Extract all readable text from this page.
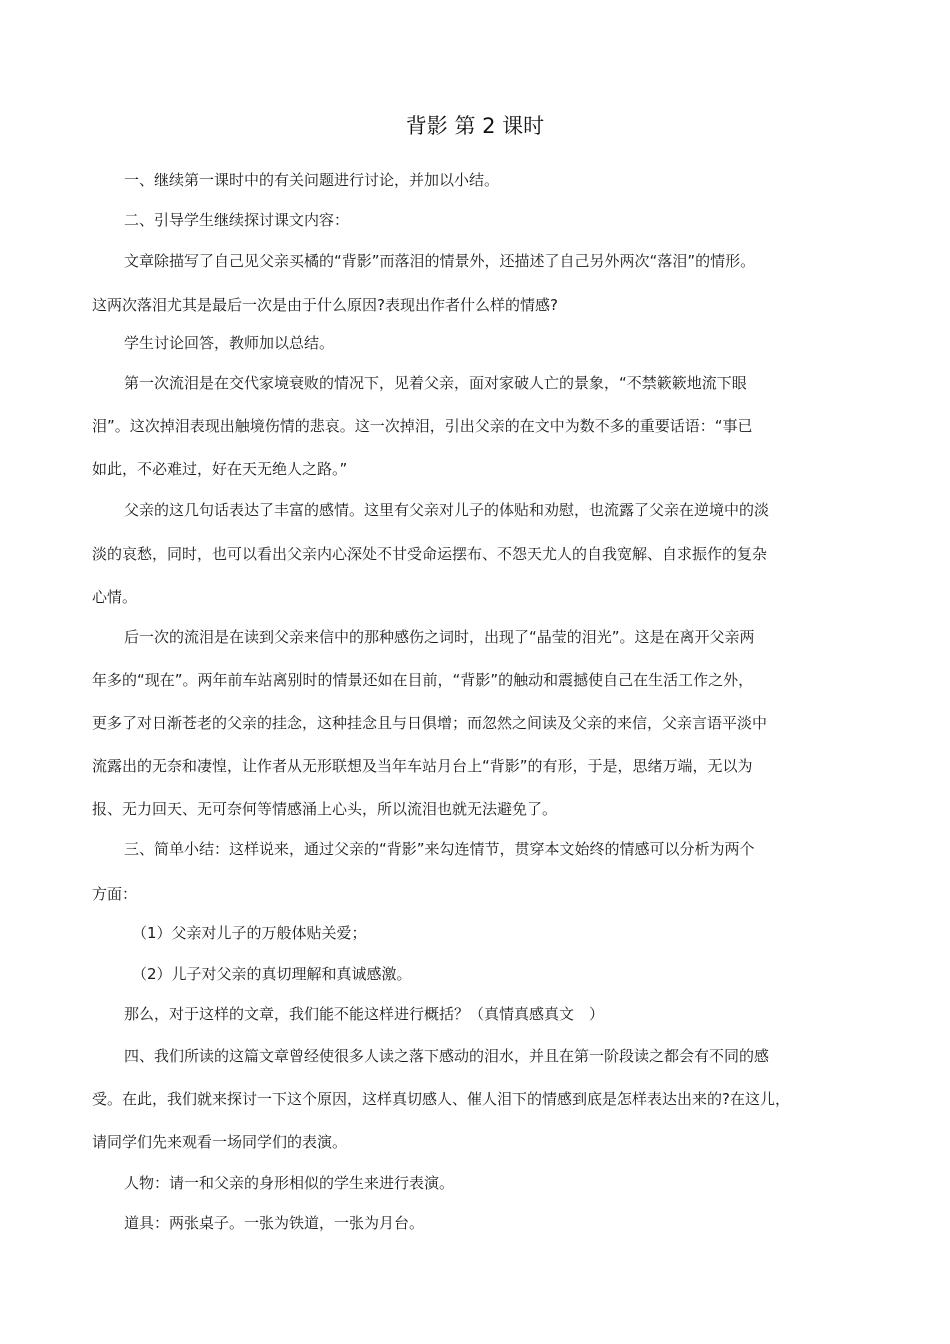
背影 第 2 课时
一、继续第一课时中的有关问题进行讨论，并加以小结。
二、引导学生继续探讨课文内容：
文章除描写了自己见父亲买橘的“背影”而落泪的情景外，还描述了自己另外两次“落泪”的情形。
这两次落泪尤其是最后一次是由于什么原因?表现出作者什么样的情感?
学生讨论回答，教师加以总结。
第一次流泪是在交代家境衰败的情况下，见着父亲，面对家破人亡的景象，“不禁簌簌地流下眼
泪”。这次掉泪表现出触境伤情的悲哀。这一次掉泪，引出父亲的在文中为数不多的重要话语：“事已
如此，不必难过，好在天无绝人之路。”
父亲的这几句话表达了丰富的感情。这里有父亲对儿子的体贴和劝慰，也流露了父亲在逆境中的淡
淡的哀愁，同时，也可以看出父亲内心深处不甘受命运摆布、不怨天尤人的自我宽解、自求振作的复杂
心情。
后一次的流泪是在读到父亲来信中的那种感伤之词时，出现了“晶莹的泪光”。这是在离开父亲两
年多的“现在”。两年前车站离别时的情景还如在目前，“背影”的触动和震撼使自己在生活工作之外，
更多了对日渐苍老的父亲的挂念，这种挂念且与日俱增；而忽然之间读及父亲的来信，父亲言语平淡中
流露出的无奈和凄惶，让作者从无形联想及当年车站月台上“背影”的有形，于是，思绪万端，无以为
报、无力回天、无可奈何等情感涌上心头，所以流泪也就无法避免了。
三、简单小结：这样说来，通过父亲的“背影”来勾连情节，贯穿本文始终的情感可以分析为两个
方面：
（1）父亲对儿子的万般体贴关爱；
（2）儿子对父亲的真切理解和真诚感激。
那么，对于这样的文章，我们能不能这样进行概括？（真情真感真文　）
四、我们所读的这篇文章曾经使很多人读之落下感动的泪水，并且在第一阶段读之都会有不同的感
受。在此，我们就来探讨一下这个原因，这样真切感人、催人泪下的情感到底是怎样表达出来的?在这儿，
请同学们先来观看一场同学们的表演。
人物：请一和父亲的身形相似的学生来进行表演。
道具：两张桌子。一张为铁道，一张为月台。
